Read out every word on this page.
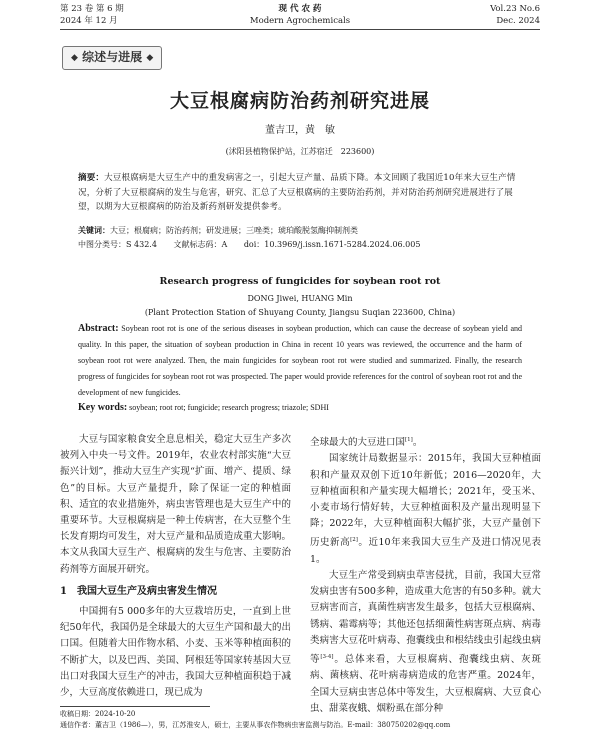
第 23 卷 第 6 期
2024 年 12 月
现 代 农 药
Modern Agrochemicals
Vol.23 No.6
Dec. 2024
◆ 综述与进展 ◆
大豆根腐病防治药剂研究进展
董吉卫，黄　敏
(沭阳县植物保护站，江苏宿迁　223600)
摘要：大豆根腐病是大豆生产中的重发病害之一，引起大豆产量、品质下降。本文回顾了我国近10年来大豆生产情况，分析了大豆根腐病的发生与危害，研究、汇总了大豆根腐病的主要防治药剂，并对防治药剂研究进展进行了展望，以期为大豆根腐病的防治及新药剂研发提供参考。
关键词：大豆；根腐病；防治药剂；研发进展；三唑类；琥珀酸脱氢酶抑制剂类
中图分类号：S 432.4 文献标志码：A doi：10.3969/j.issn.1671-5284.2024.06.005
Research progress of fungicides for soybean root rot
DONG Jiwei, HUANG Min
(Plant Protection Station of Shuyang County, Jiangsu Suqian 223600, China)
Abstract: Soybean root rot is one of the serious diseases in soybean production, which can cause the decrease of soybean yield and quality. In this paper, the situation of soybean production in China in recent 10 years was reviewed, the occurrence and the harm of soybean root rot were analyzed. Then, the main fungicides for soybean root rot were studied and summarized. Finally, the research progress of fungicides for soybean root rot was prospected. The paper would provide references for the control of soybean root rot and the development of new fungicides.
Key words: soybean; root rot; fungicide; research progress; triazole; SDHI

大豆与国家粮食安全息息相关，稳定大豆生产多次被列入中央一号文件。2019年，农业农村部实施“大豆振兴计划”，推动大豆生产实现“扩面、增产、提质、绿色”的目标。大豆产量提升，除了保证一定的种植面积、适宜的农业措施外，病虫害管理也是大豆生产中的重要环节。大豆根腐病是一种土传病害，在大豆整个生长发育期均可发生，对大豆产量和品质造成重大影响。本文从我国大豆生产、根腐病的发生与危害、主要防治药剂等方面展开研究。

1　我国大豆生产及病虫害发生情况

中国拥有5 000多年的大豆栽培历史，一直到上世纪50年代，我国仍是全球最大的大豆生产国和最大的出口国。但随着大田作物水稻、小麦、玉米等种植面积的不断扩大，以及巴西、美国、阿根廷等国家转基因大豆出口对我国大豆生产的冲击，我国大豆种植面积趋于减少，大豆高度依赖进口，现已成为

全球最大的大豆进口国[1]。

国家统计局数据显示：2015年，我国大豆种植面积和产量双双创下近10年新低；2016—2020年，大豆种植面积和产量实现大幅增长；2021年，受玉米、小麦市场行情好转，大豆种植面积及产量出现明显下降；2022年，大豆种植面积大幅扩张，大豆产量创下历史新高[2]。近10年来我国大豆生产及进口情况见表1。

大豆生产常受到病虫草害侵扰，目前，我国大豆常发病虫害有500多种，造成重大危害的有50多种。就大豆病害而言，真菌性病害发生最多，包括大豆根腐病、锈病、霜霉病等；其他还包括细菌性病害斑点病、病毒类病害大豆花叶病毒、孢囊线虫和根结线虫引起线虫病等[3-4]。总体来看，大豆根腐病、孢囊线虫病、灰斑病、菌核病、花叶病毒病造成的危害严重。2024年，全国大豆病虫害总体中等发生，大豆根腐病、大豆食心虫、甜菜夜蛾、烟粉虱在部分种

收稿日期：2024-10-20
通信作者：董吉卫（1986—），男，江苏淮安人，硕士，主要从事农作物病虫害监测与防治。E-mail：380750202@qq.com
